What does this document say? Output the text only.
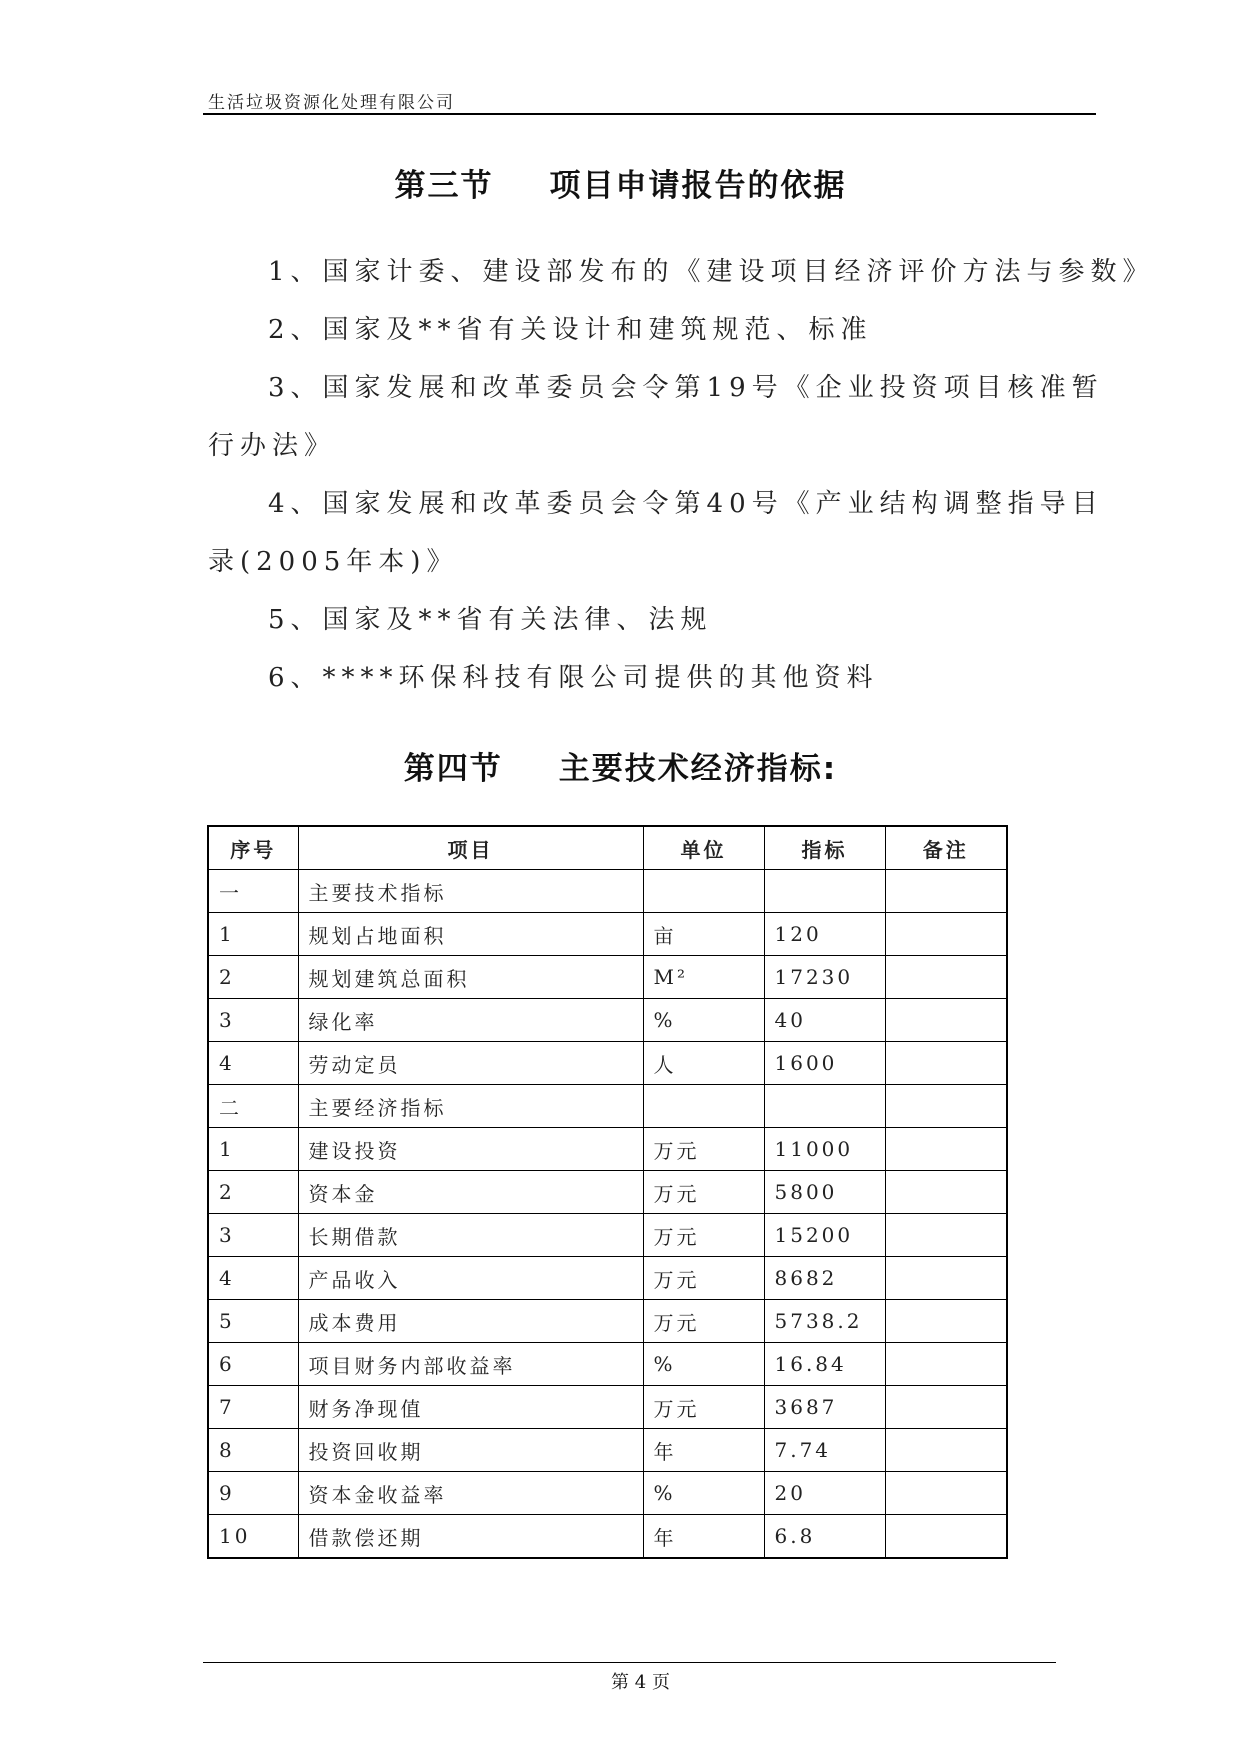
生活垃圾资源化处理有限公司
第三节 项目申请报告的依据
1、国家计委、建设部发布的《建设项目经济评价方法与参数》
2、国家及**省有关设计和建筑规范、标准
3、国家发展和改革委员会令第19号《企业投资项目核准暂
行办法》
4、国家发展和改革委员会令第40号《产业结构调整指导目
录(2005年本)》
5、国家及**省有关法律、法规
6、****环保科技有限公司提供的其他资料
第四节 主要技术经济指标:
序号	项目	单位	指标	备注
一	主要技术指标			
1	规划占地面积	亩	120	
2	规划建筑总面积	M²	17230	
3	绿化率	%	40	
4	劳动定员	人	1600	
二	主要经济指标			
1	建设投资	万元	11000	
2	资本金	万元	5800	
3	长期借款	万元	15200	
4	产品收入	万元	8682	
5	成本费用	万元	5738.2	
6	项目财务内部收益率	%	16.84	
7	财务净现值	万元	3687	
8	投资回收期	年	7.74	
9	资本金收益率	%	20	
10	借款偿还期	年	6.8	
第 4 页
